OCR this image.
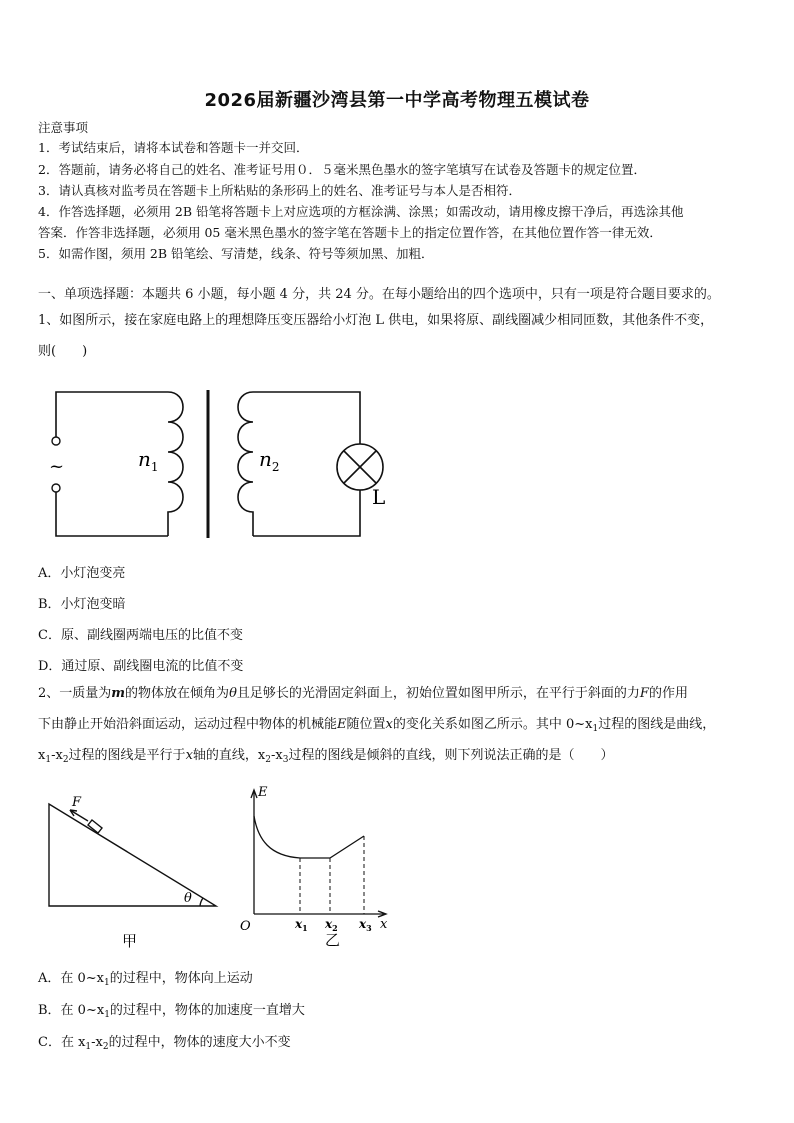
2026届新疆沙湾县第一中学高考物理五模试卷
注意事项
1．考试结束后，请将本试卷和答题卡一并交回．
2．答题前，请务必将自己的姓名、准考证号用０．５毫米黑色墨水的签字笔填写在试卷及答题卡的规定位置．
3．请认真核对监考员在答题卡上所粘贴的条形码上的姓名、准考证号与本人是否相符．
4．作答选择题，必须用 2B 铅笔将答题卡上对应选项的方框涂满、涂黑；如需改动，请用橡皮擦干净后，再选涂其他
答案．作答非选择题，必须用 05 毫米黑色墨水的签字笔在答题卡上的指定位置作答，在其他位置作答一律无效．
5．如需作图，须用 2B 铅笔绘、写清楚，线条、符号等须加黑、加粗．
一、单项选择题：本题共 6 小题，每小题 4 分，共 24 分。在每小题给出的四个选项中，只有一项是符合题目要求的。
1、如图所示，接在家庭电路上的理想降压变压器给小灯泡 L 供电，如果将原、副线圈减少相同匝数，其他条件不变，
则(　　)
~	$n_1$	$n_2$
L
A．小灯泡变亮
B．小灯泡变暗
C．原、副线圈两端电压的比值不变
D．通过原、副线圈电流的比值不变
2、一质量为m的物体放在倾角为θ且足够长的光滑固定斜面上，初始位置如图甲所示，在平行于斜面的力F的作用
下由静止开始沿斜面运动，运动过程中物体的机械能E随位置x的变化关系如图乙所示。其中 $0\sim x_1$过程的图线是曲线，
$x_1-x_2$过程的图线是平行于x轴的直线，$x_2-x_3$过程的图线是倾斜的直线，则下列说法正确的是（　　）
F
θ
甲
E
O	x
$x_1$ $x_2$ $x_3$
乙
A．在 $0\sim x_1$的过程中，物体向上运动
B．在 $0\sim x_1$的过程中，物体的加速度一直增大
C．在 $x_1-x_2$的过程中，物体的速度大小不变
